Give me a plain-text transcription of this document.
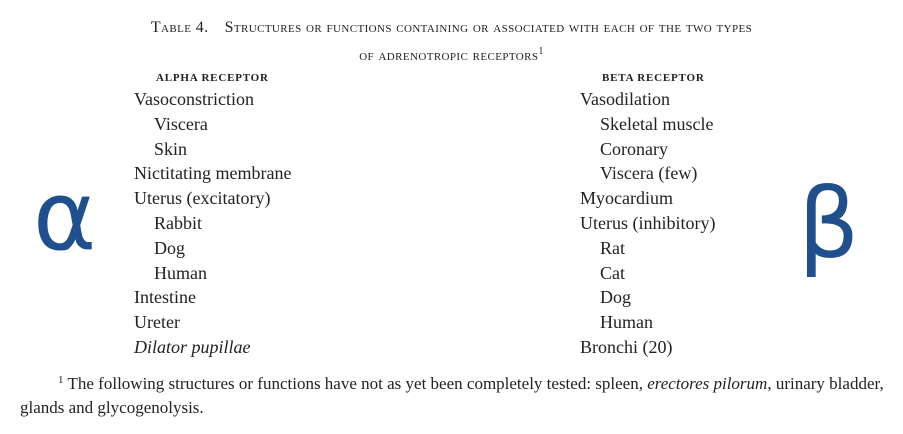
Table 4. Structures or functions containing or associated with each of the two types
of adrenotropic receptors$^1$
ALPHA RECEPTOR
Vasoconstriction
Viscera
Skin
Nictitating membrane
Uterus (excitatory)
Rabbit
Dog
Human
Intestine
Ureter
Dilator pupillae
BETA RECEPTOR
Vasodilation
Skeletal muscle
Coronary
Viscera (few)
Myocardium
Uterus (inhibitory)
Rat
Cat
Dog
Human
Bronchi (20)
α	β
$^1$ The following structures or functions have not as yet been completely tested: spleen, erectores pilorum, urinary bladder, glands and glycogenolysis.
